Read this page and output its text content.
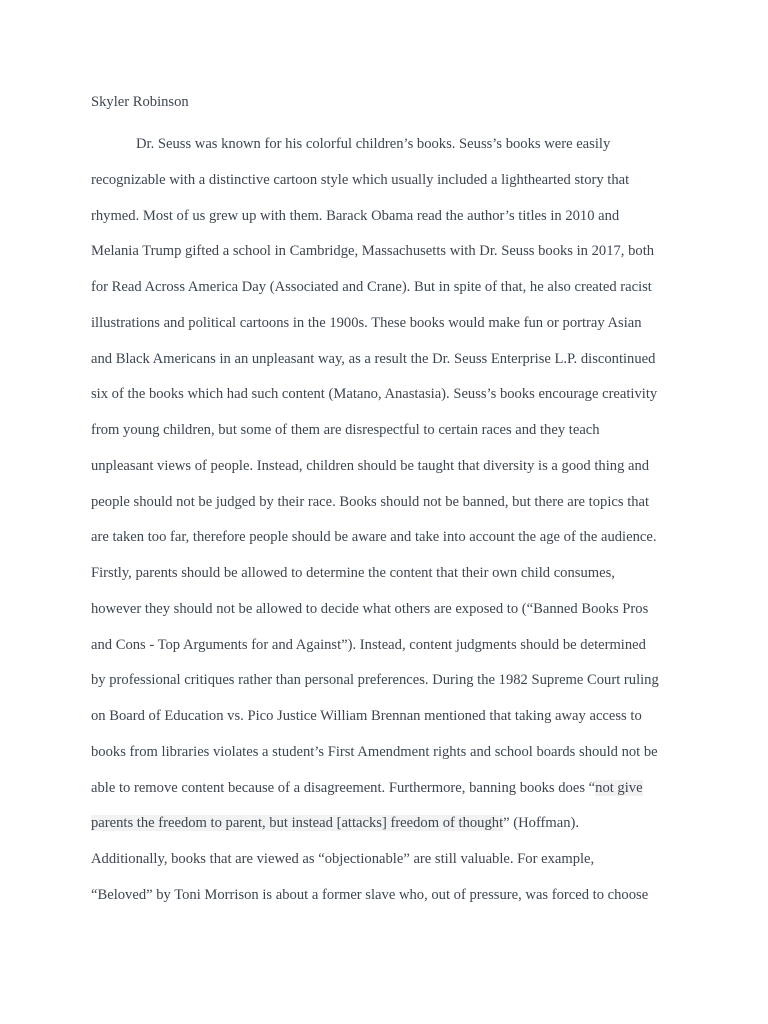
Skyler Robinson
Dr. Seuss was known for his colorful children’s books. Seuss’s books were easily
recognizable with a distinctive cartoon style which usually included a lighthearted story that
rhymed. Most of us grew up with them. Barack Obama read the author’s titles in 2010 and
Melania Trump gifted a school in Cambridge, Massachusetts with Dr. Seuss books in 2017, both
for Read Across America Day (Associated and Crane). But in spite of that, he also created racist
illustrations and political cartoons in the 1900s. These books would make fun or portray Asian
and Black Americans in an unpleasant way, as a result the Dr. Seuss Enterprise L.P. discontinued
six of the books which had such content (Matano, Anastasia). Seuss’s books encourage creativity
from young children, but some of them are disrespectful to certain races and they teach
unpleasant views of people. Instead, children should be taught that diversity is a good thing and
people should not be judged by their race. Books should not be banned, but there are topics that
are taken too far, therefore people should be aware and take into account the age of the audience.
Firstly, parents should be allowed to determine the content that their own child consumes,
however they should not be allowed to decide what others are exposed to (“Banned Books Pros
and Cons - Top Arguments for and Against”). Instead, content judgments should be determined
by professional critiques rather than personal preferences. During the 1982 Supreme Court ruling
on Board of Education vs. Pico Justice William Brennan mentioned that taking away access to
books from libraries violates a student’s First Amendment rights and school boards should not be
able to remove content because of a disagreement. Furthermore, banning books does “not give
parents the freedom to parent, but instead [attacks] freedom of thought” (Hoffman).
Additionally, books that are viewed as “objectionable” are still valuable. For example,
“Beloved” by Toni Morrison is about a former slave who, out of pressure, was forced to choose
